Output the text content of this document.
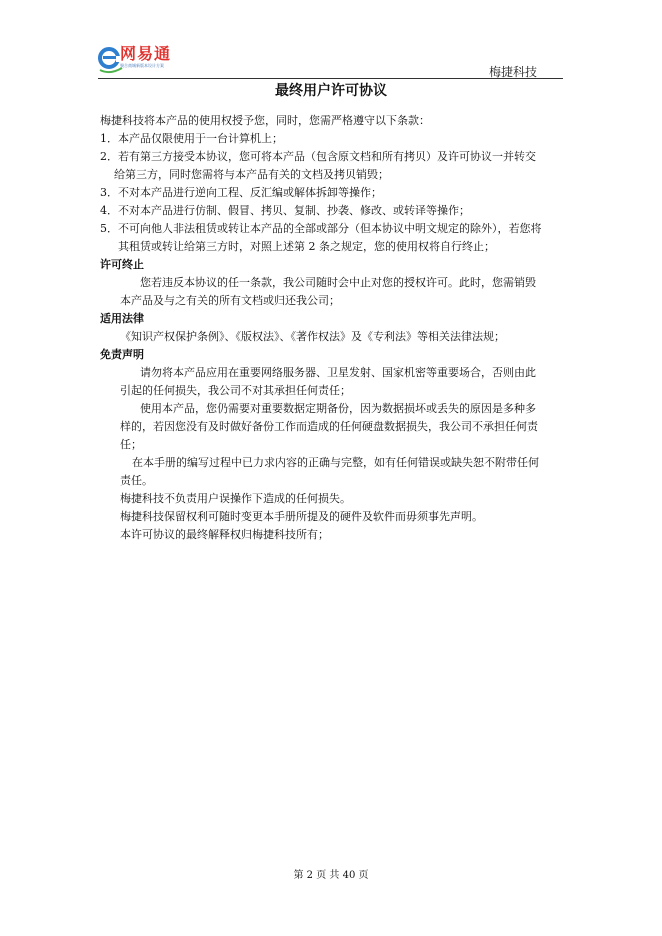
网易通
聚合商城新版本设计方案	梅捷科技
最终用户许可协议
梅捷科技将本产品的使用权授予您，同时，您需严格遵守以下条款：
1．本产品仅限使用于一台计算机上；
2．若有第三方接受本协议，您可将本产品（包含原文档和所有拷贝）及许可协议一并转交
给第三方，同时您需将与本产品有关的文档及拷贝销毁；
3．不对本产品进行逆向工程、反汇编或解体拆卸等操作；
4．不对本产品进行仿制、假冒、拷贝、复制、抄袭、修改、或转译等操作；
5．不可向他人非法租赁或转让本产品的全部或部分（但本协议中明文规定的除外），若您将
其租赁或转让给第三方时，对照上述第 2 条之规定，您的使用权将自行终止；
许可终止
您若违反本协议的任一条款，我公司随时会中止对您的授权许可。此时，您需销毁
本产品及与之有关的所有文档或归还我公司；
适用法律
《知识产权保护条例》、《版权法》、《著作权法》及《专利法》等相关法律法规；
免责声明
请勿将本产品应用在重要网络服务器、卫星发射、国家机密等重要场合，否则由此
引起的任何损失，我公司不对其承担任何责任；
使用本产品，您仍需要对重要数据定期备份，因为数据损坏或丢失的原因是多种多
样的，若因您没有及时做好备份工作而造成的任何硬盘数据损失，我公司不承担任何责
任；
在本手册的编写过程中已力求内容的正确与完整，如有任何错误或缺失恕不附带任何
责任。
梅捷科技不负责用户误操作下造成的任何损失。
梅捷科技保留权利可随时变更本手册所提及的硬件及软件而毋须事先声明。
本许可协议的最终解释权归梅捷科技所有；
第 2 页 共 40 页
